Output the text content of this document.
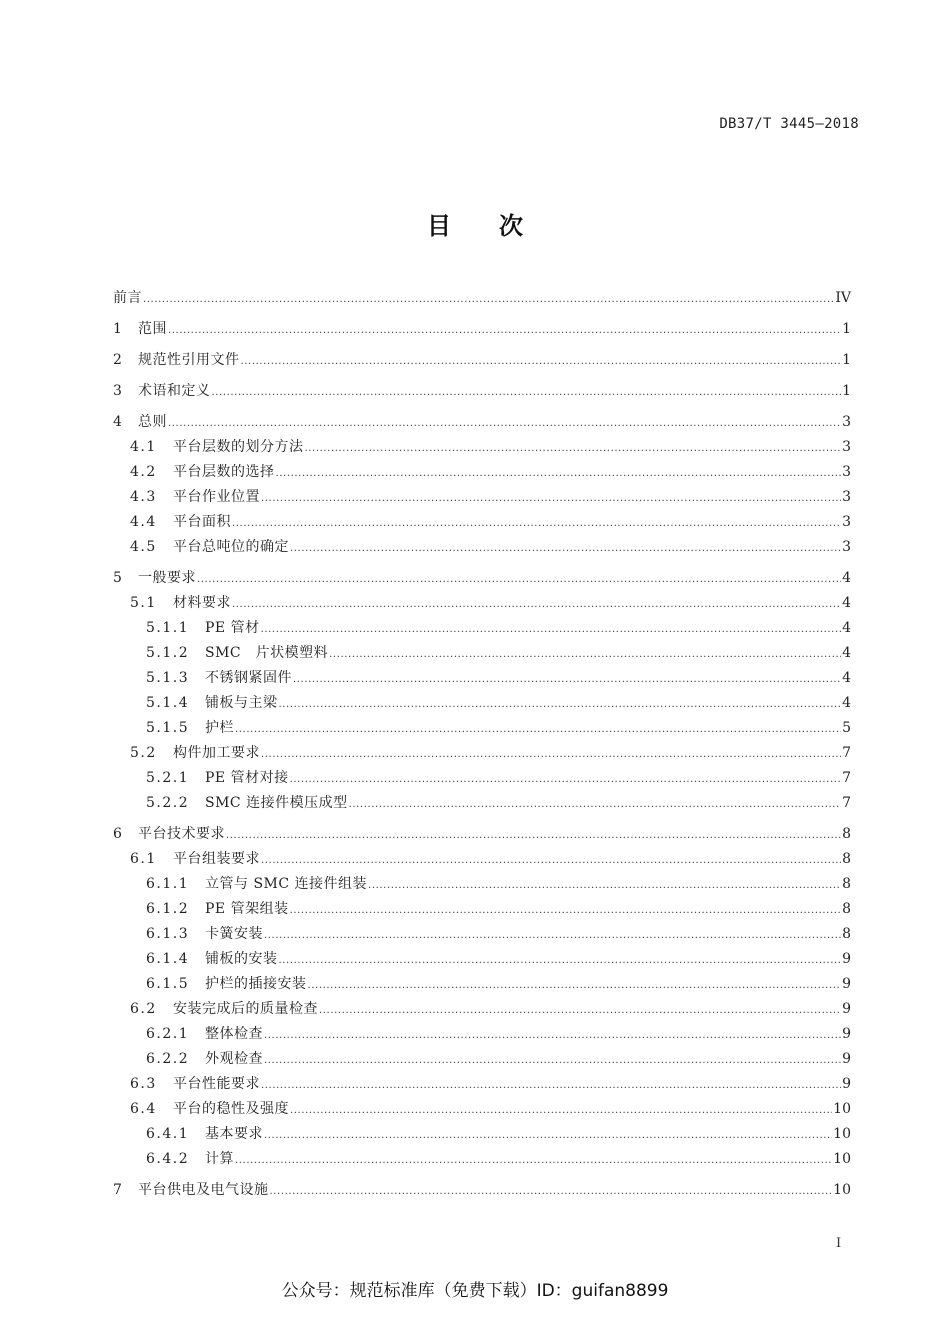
DB37/T 3445—2018
目 次
前言 .....	IV
1	范围 .....	1
2	规范性引用文件 .....	1
3	术语和定义 .....	1
4	总则 .....	3
4.1	平台层数的划分方法 .....	3
4.2	平台层数的选择 .....	3
4.3	平台作业位置 .....	3
4.4	平台面积 .....	3
4.5	平台总吨位的确定 .....	3
5	一般要求 .....	4
5.1	材料要求 .....	4
5.1.1	PE 管材 .....	4
5.1.2	SMC　片状模塑料 .....	4
5.1.3	不锈钢紧固件 .....	4
5.1.4	铺板与主梁 .....	4
5.1.5	护栏 .....	5
5.2	构件加工要求 .....	7
5.2.1	PE 管材对接 .....	7
5.2.2	SMC 连接件模压成型 .....	7
6	平台技术要求 .....	8
6.1	平台组装要求 .....	8
6.1.1	立管与 SMC 连接件组装 .....	8
6.1.2	PE 管架组装 .....	8
6.1.3	卡簧安装 .....	8
6.1.4	铺板的安装 .....	9
6.1.5	护栏的插接安装 .....	9
6.2	安装完成后的质量检查 .....	9
6.2.1	整体检查 .....	9
6.2.2	外观检查 .....	9
6.3	平台性能要求 .....	9
6.4	平台的稳性及强度 .....	10
6.4.1	基本要求 .....	10
6.4.2	计算 .....	10
7	平台供电及电气设施 .....	10
I
公众号：规范标准库（免费下载）ID：guifan8899
